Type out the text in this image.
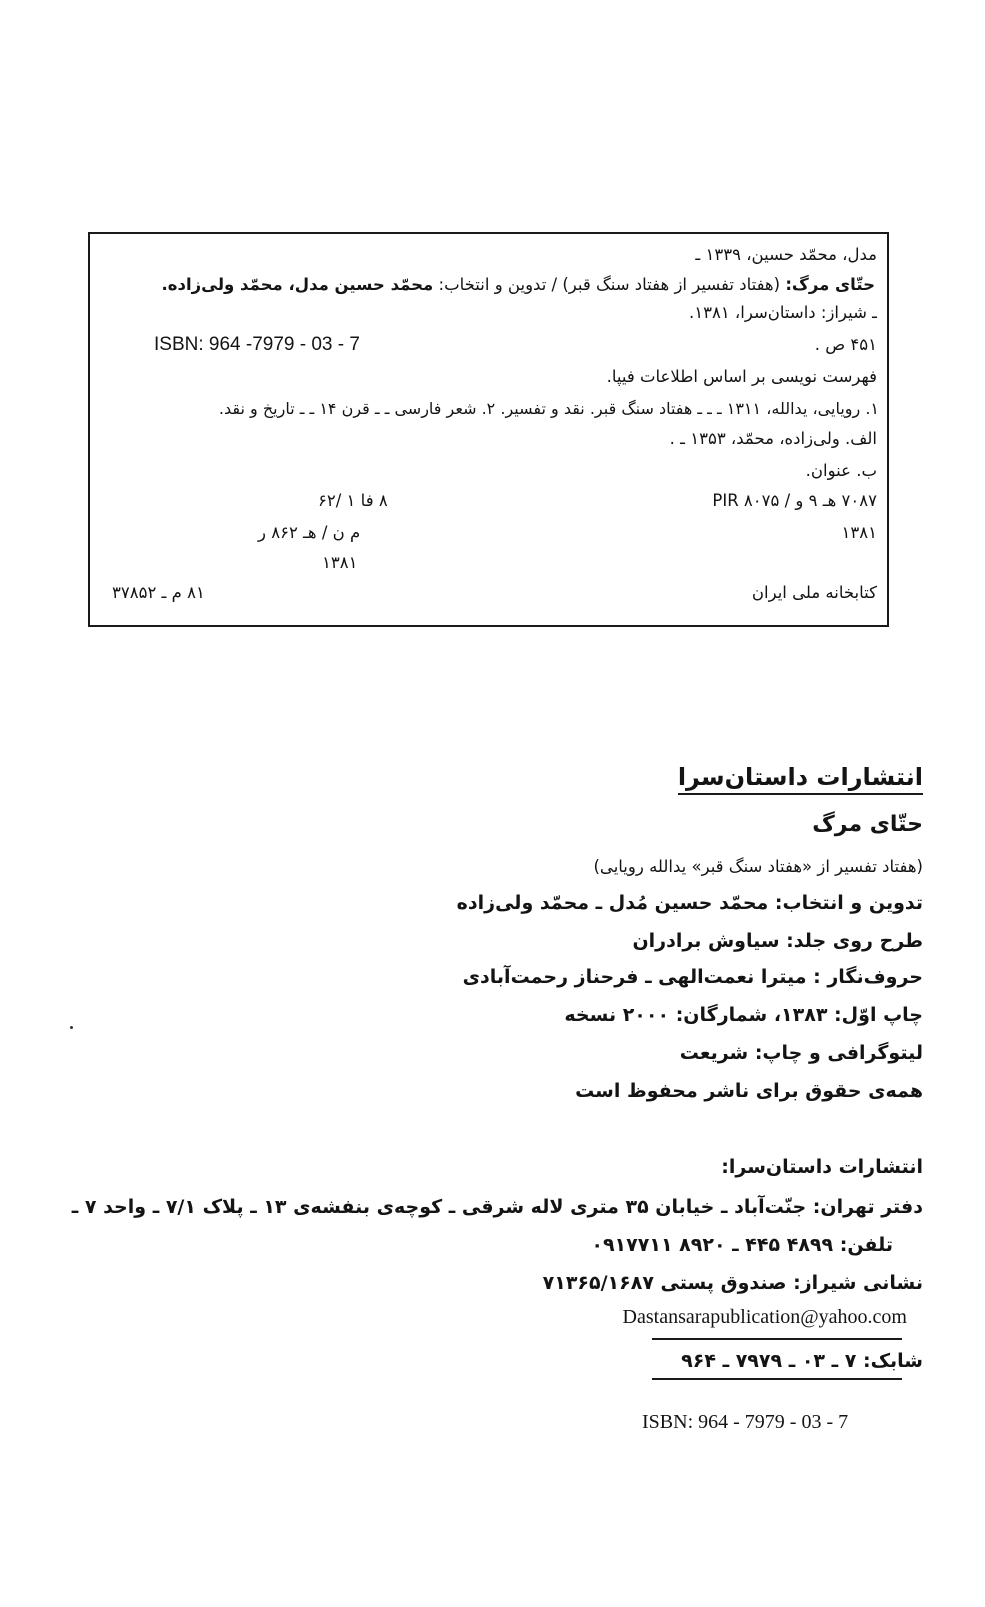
مدل، محمّد حسین، ۱۳۳۹ ـ
حتّای مرگ: (هفتاد تفسیر از هفتاد سنگ قبر) / تدوین و انتخاب: محمّد حسین مدل، محمّد ولی‌زاده.
ـ شیراز: داستان‌سرا، ۱۳۸۱.
۴۵۱ ص .
ISBN: 964 -7979 - 03 - 7
فهرست نویسی بر اساس اطلاعات فیپا.
۱. رویایی، یدالله، ۱۳۱۱ ـ ـ ـ هفتاد سنگ قبر. نقد و تفسیر. ۲. شعر فارسی ـ ـ قرن ۱۴ ـ ـ تاریخ و نقد.
الف. ولی‌زاده، محمّد، ۱۳۵۳ ـ .
ب. عنوان.
۷۰۸۷ هـ ۹ و / ۸۰۷۵ PIR
۸ فا ۱ /۶۲
۱۳۸۱
م ن / هـ ۸۶۲ ر
۱۳۸۱
کتابخانه ملی ایران
۸۱ م ـ ۳۷۸۵۲
انتشارات داستان‌سرا
حتّای مرگ
(هفتاد تفسیر از «هفتاد سنگ قبر» یدالله رویایی)
تدوین و انتخاب: محمّد حسین مُدل ـ محمّد ولی‌زاده
طرح روی جلد: سیاوش برادران
حروف‌نگار : میترا نعمت‌الهی ـ فرحناز رحمت‌آبادی
چاپ اوّل: ۱۳۸۳، شمارگان: ۲۰۰۰ نسخه
لیتوگرافی و چاپ: شریعت
همه‌ی حقوق برای ناشر محفوظ است
انتشارات داستان‌سرا:
دفتر تهران: جنّت‌آباد ـ خیابان ۳۵ متری لاله شرقی ـ کوچه‌ی بنفشه‌ی ۱۳ ـ پلاک ۷/۱ ـ واحد ۷ ـ
تلفن: ۴۸۹۹ ۴۴۵ ـ ۸۹۲۰ ۰۹۱۷۷۱۱
نشانی شیراز: صندوق پستی ۷۱۳۶۵/۱۶۸۷
شابک: ۷ ـ ۰۳ ـ ۷۹۷۹ ـ ۹۶۴
Dastansarapublication@yahoo.com
ISBN: 964 - 7979 - 03 - 7
